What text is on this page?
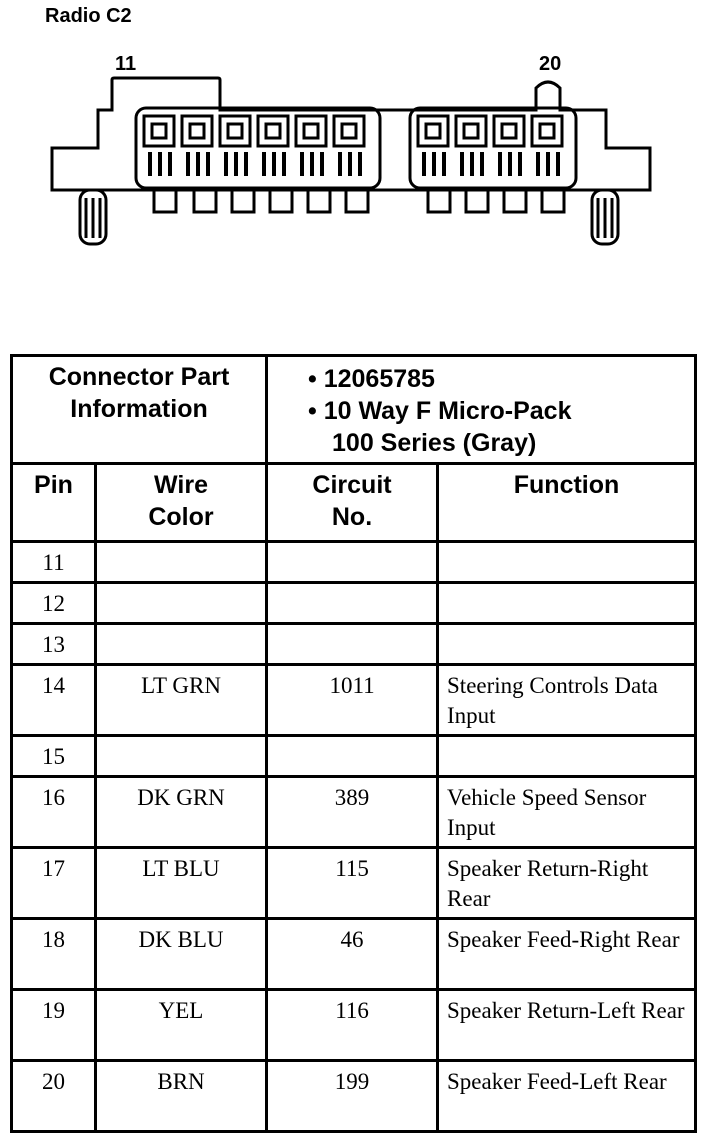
Radio C2
11	20
Connector Part Information		• 12065785
• 10 Way F Micro-Pack
100 Series (Gray)	

Pin	Wire Color	Circuit No.	Function

11			

12			

13			

14	LT GRN	1011	Steering Controls Data Input

15			

16	DK GRN	389	Vehicle Speed Sensor Input

17	LT BLU	115	Speaker Return-Right Rear

18	DK BLU	46	Speaker Feed-Right Rear

19	YEL	116	Speaker Return-Left Rear

20	BRN	199	Speaker Feed-Left Rear
